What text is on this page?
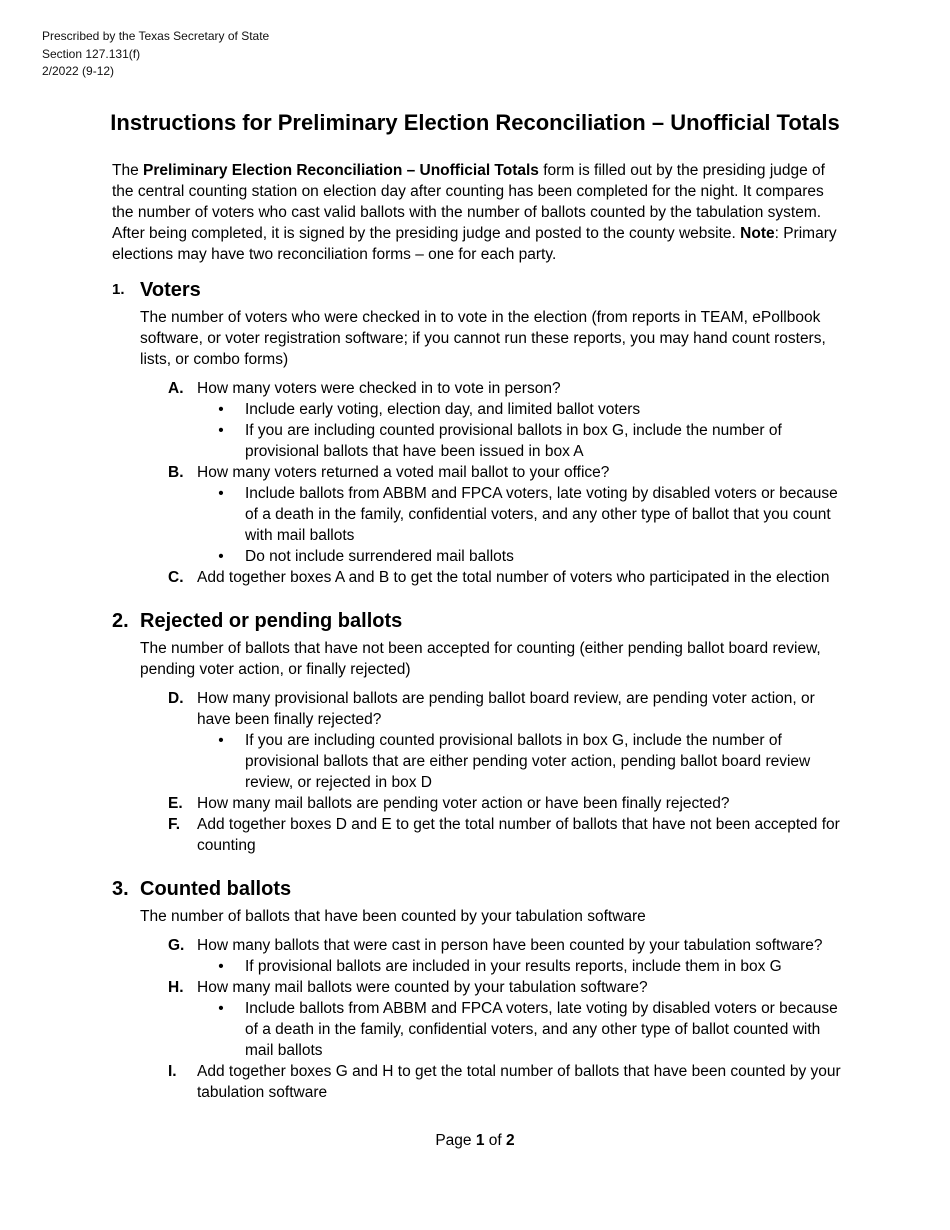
Prescribed by the Texas Secretary of State
Section 127.131(f)
2/2022 (9-12)
Instructions for Preliminary Election Reconciliation – Unofficial Totals

The Preliminary Election Reconciliation – Unofficial Totals form is filled out by the presiding judge of the central counting station on election day after counting has been completed for the night. It compares the number of voters who cast valid ballots with the number of ballots counted by the tabulation system. After being completed, it is signed by the presiding judge and posted to the county website. Note: Primary elections may have two reconciliation forms – one for each party.

1. Voters
The number of voters who were checked in to vote in the election (from reports in TEAM, ePollbook software, or voter registration software; if you cannot run these reports, you may hand count rosters, lists, or combo forms)
A. How many voters were checked in to vote in person?
•	Include early voting, election day, and limited ballot voters
•	If you are including counted provisional ballots in box G, include the number of provisional ballots that have been issued in box A
B. How many voters returned a voted mail ballot to your office?
•	Include ballots from ABBM and FPCA voters, late voting by disabled voters or because of a death in the family, confidential voters, and any other type of ballot that you count with mail ballots
•	Do not include surrendered mail ballots
C. Add together boxes A and B to get the total number of voters who participated in the election
2. Rejected or pending ballots
The number of ballots that have not been accepted for counting (either pending ballot board review, pending voter action, or finally rejected)
D. How many provisional ballots are pending ballot board review, are pending voter action, or have been finally rejected?
•	If you are including counted provisional ballots in box G, include the number of provisional ballots that are either pending voter action, pending ballot board review review, or rejected in box D
E. How many mail ballots are pending voter action or have been finally rejected?
F.	Add together boxes D and E to get the total number of ballots that have not been accepted for counting
3. Counted ballots
The number of ballots that have been counted by your tabulation software
G. How many ballots that were cast in person have been counted by your tabulation software?
•	If provisional ballots are included in your results reports, include them in box G
H. How many mail ballots were counted by your tabulation software?
•	Include ballots from ABBM and FPCA voters, late voting by disabled voters or because of a death in the family, confidential voters, and any other type of ballot counted with mail ballots
I.	Add together boxes G and H to get the total number of ballots that have been counted by your tabulation software
Page 1 of 2
